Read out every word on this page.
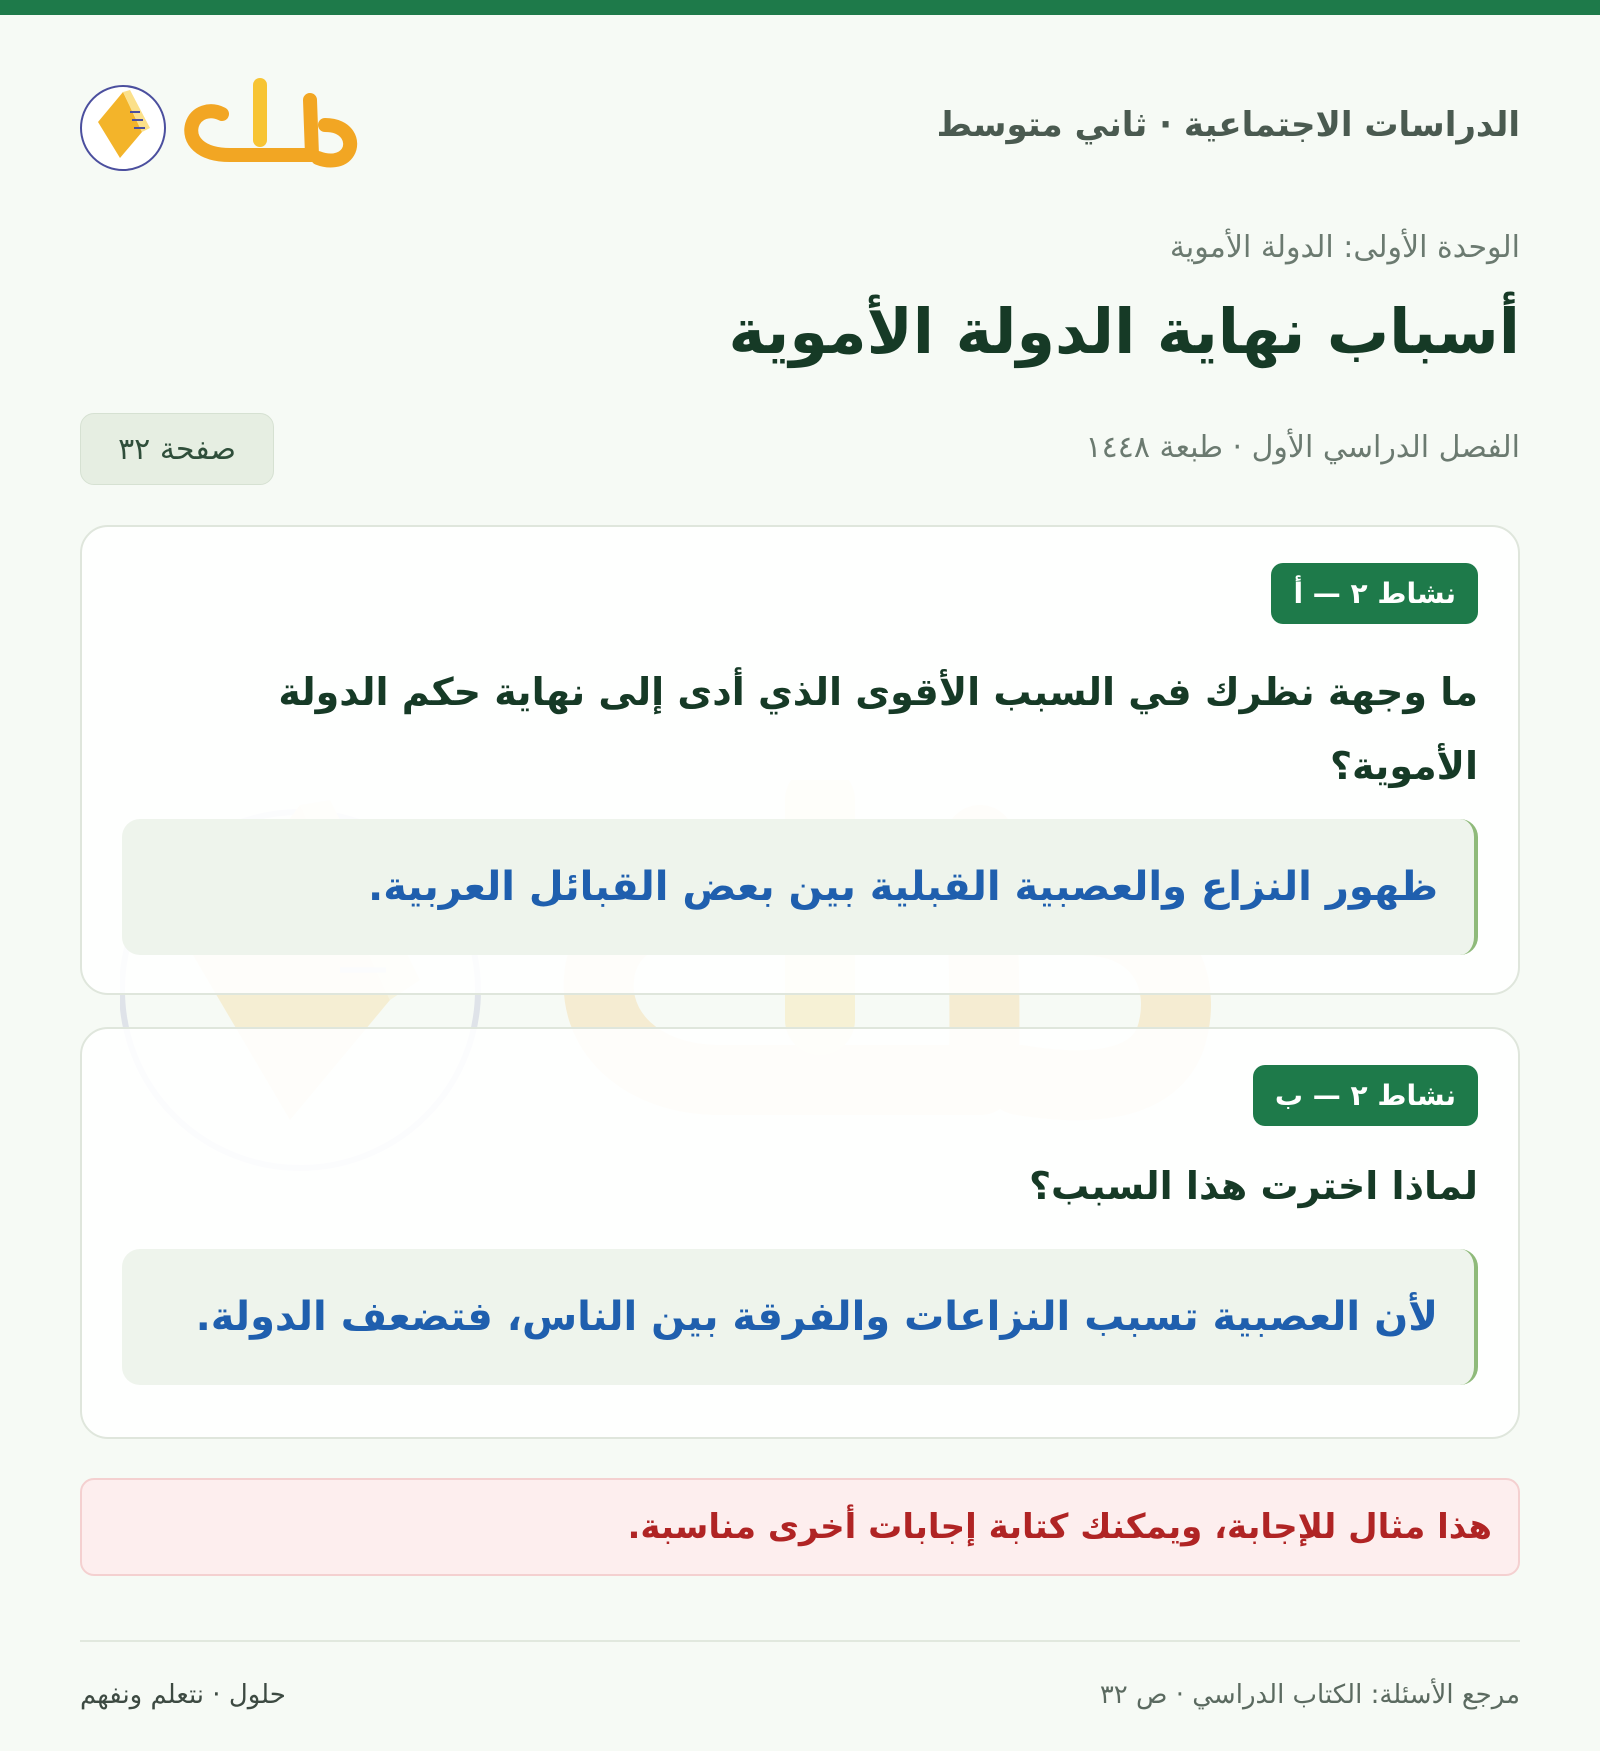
الدراسات الاجتماعية · ثاني متوسط
الوحدة الأولى: الدولة الأموية
أسباب نهاية الدولة الأموية
الفصل الدراسي الأول · طبعة ١٤٤٨
صفحة ٣٢
نشاط ٢ — أ

ما وجهة نظرك في السبب الأقوى الذي أدى إلى نهاية حكم الدولة الأموية؟

ظهور النزاع والعصبية القبلية بين بعض القبائل العربية.
نشاط ٢ — ب

لماذا اخترت هذا السبب؟

لأن العصبية تسبب النزاعات والفرقة بين الناس، فتضعف الدولة.
هذا مثال للإجابة، ويمكنك كتابة إجابات أخرى مناسبة.
مرجع الأسئلة: الكتاب الدراسي · ص ٣٢
حلول · نتعلم ونفهم
